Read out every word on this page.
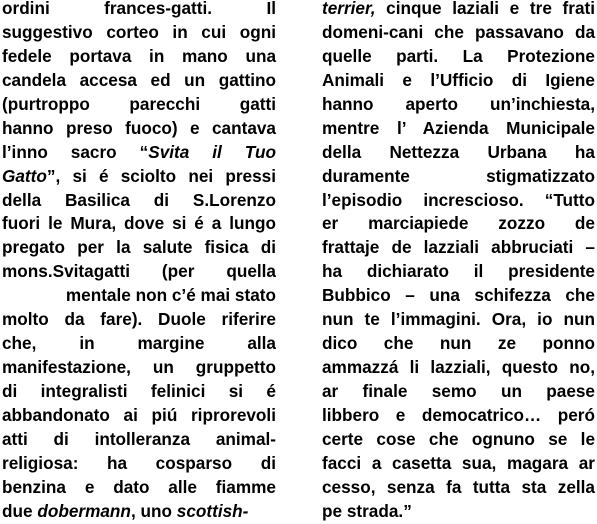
ordini frances-gatti. Il
suggestivo corteo in cui ogni
fedele portava in mano una
candela accesa ed un gattino
(purtroppo parecchi gatti
hanno preso fuoco) e cantava
l’inno sacro “Svita il Tuo
Gatto”, si é sciolto nei pressi
della Basilica di S.Lorenzo
fuori le Mura, dove si é a lungo
pregato per la salute fisica di
mons.Svitagatti (per quella
mentale non c’é mai stato
molto da fare). Duole riferire
che, in margine alla
manifestazione, un gruppetto
di integralisti felinici si é
abbandonato ai piú riprorevoli
atti di intolleranza animal-
religiosa: ha cosparso di
benzina e dato alle fiamme
due dobermann, uno scottish-
terrier, cinque laziali e tre frati
domeni-cani che passavano da
quelle parti. La Protezione
Animali e l’Ufficio di Igiene
hanno aperto un’inchiesta,
mentre l’ Azienda Municipale
della Nettezza Urbana ha
duramente stigmatizzato
l’episodio increscioso. “Tutto
er marciapiede zozzo de
frattaje de lazziali abbruciati –
ha dichiarato il presidente
Bubbico – una schifezza che
nun te l’immagini. Ora, io nun
dico che nun ze ponno
ammazzá li lazziali, questo no,
ar finale semo un paese
libbero e democatrico… peró
certe cose che ognuno se le
facci a casetta sua, magara ar
cesso, senza fa tutta sta zella
pe strada.”
